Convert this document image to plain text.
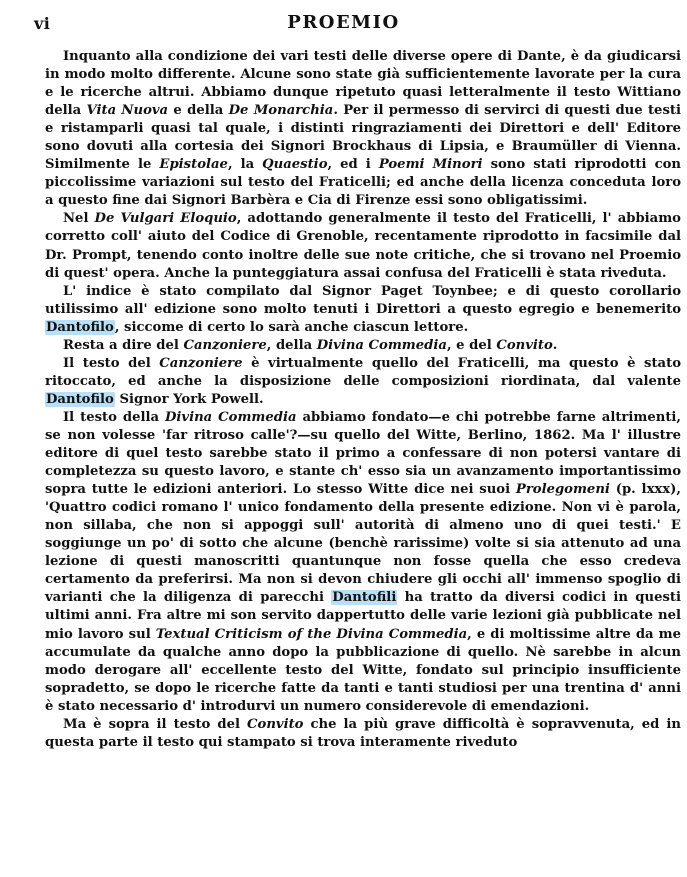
vi	PROEMIO

Inquanto alla condizione dei vari testi delle diverse opere di Dante, è da giudicarsi in modo molto differente. Alcune sono state già sufficientemente lavorate per la cura e le ricerche altrui. Abbiamo dunque ripetuto quasi letteralmente il testo Wittiano della Vita Nuova e della De Monarchia. Per il permesso di servirci di questi due testi e ristamparli quasi tal quale, i distinti ringraziamenti dei Direttori e dell' Editore sono dovuti alla cortesia dei Signori Brockhaus di Lipsia, e Braumüller di Vienna. Similmente le Epistolae, la Quaestio, ed i Poemi Minori sono stati riprodotti con piccolissime variazioni sul testo del Fraticelli; ed anche della licenza conceduta loro a questo fine dai Signori Barbèra e Cia di Firenze essi sono obligatissimi.

Nel De Vulgari Eloquio, adottando generalmente il testo del Fraticelli, l' abbiamo corretto coll' aiuto del Codice di Grenoble, recentamente riprodotto in facsimile dal Dr. Prompt, tenendo conto inoltre delle sue note critiche, che si trovano nel Proemio di quest' opera. Anche la punteggiatura assai confusa del Fraticelli è stata riveduta.

L' indice è stato compilato dal Signor Paget Toynbee; e di questo corollario utilissimo all' edizione sono molto tenuti i Direttori a questo egregio e benemerito Dantofilo, siccome di certo lo sarà anche ciascun lettore.

Resta a dire del Canzoniere, della Divina Commedia, e del Convito.

Il testo del Canzoniere è virtualmente quello del Fraticelli, ma questo è stato ritoccato, ed anche la disposizione delle composizioni riordinata, dal valente Dantofilo Signor York Powell.

Il testo della Divina Commedia abbiamo fondato—e chi potrebbe farne altrimenti, se non volesse 'far ritroso calle'?—su quello del Witte, Berlino, 1862. Ma l' illustre editore di quel testo sarebbe stato il primo a confessare di non potersi vantare di completezza su questo lavoro, e stante ch' esso sia un avanzamento importantissimo sopra tutte le edizioni anteriori. Lo stesso Witte dice nei suoi Prolegomeni (p. lxxx), 'Quattro codici romano l' unico fondamento della presente edizione. Non vi è parola, non sillaba, che non si appoggi sull' autorità di almeno uno di quei testi.' E soggiunge un po' di sotto che alcune (benchè rarissime) volte si sia attenuto ad una lezione di questi manoscritti quantunque non fosse quella che esso credeva certamento da preferirsi. Ma non si devon chiudere gli occhi all' immenso spoglio di varianti che la diligenza di parecchi Dantofili ha tratto da diversi codici in questi ultimi anni. Fra altre mi son servito dappertutto delle varie lezioni già pubblicate nel mio lavoro sul Textual Criticism of the Divina Commedia, e di moltissime altre da me accumulate da qualche anno dopo la pubblicazione di quello. Nè sarebbe in alcun modo derogare all' eccellente testo del Witte, fondato sul principio insufficiente sopradetto, se dopo le ricerche fatte da tanti e tanti studiosi per una trentina d' anni è stato necessario d' introdurvi un numero considerevole di emendazioni.

Ma è sopra il testo del Convito che la più grave difficoltà è sopravvenuta, ed in questa parte il testo qui stampato si trova interamente riveduto
